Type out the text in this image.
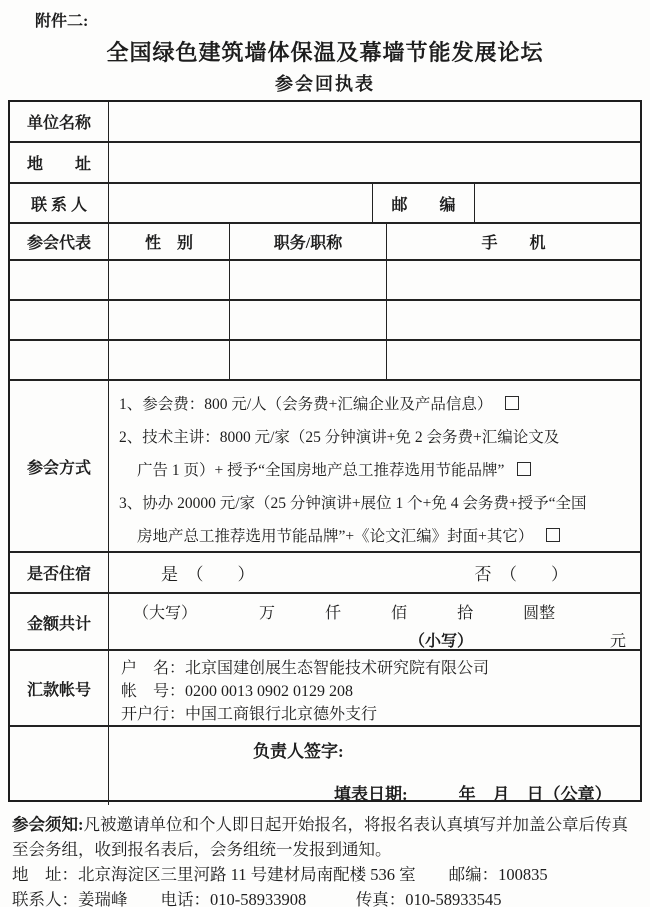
附件二:
全国绿色建筑墙体保温及幕墙节能发展论坛
参会回执表
单位名称
地　　址
联 系 人	邮　　编
参会代表	性　别	职务/职称	手　　机
参会方式
1、参会费：800 元/人（会务费+汇编企业及产品信息）
2、技术主讲：8000 元/家（25 分钟演讲+免 2 会务费+汇编论文及
广告 1 页）+ 授予“全国房地产总工推荐选用节能品牌”
3、协办 20000 元/家（25 分钟演讲+展位 1 个+免 4 会务费+授予“全国
房地产总工推荐选用节能品牌”+《论文汇编》封面+其它）
是否住宿	是　（　　）	否　（　　）
金额共计
（大写）	万	仟	佰	拾	圆整
（小写）	元
汇款帐号
户　名：北京国建创展生态智能技术研究院有限公司
帐　号：0200 0013 0902 0129 208
开户行：中国工商银行北京德外支行
负责人签字:
填表日期:　　　年　月　日（公章）

参会须知:凡被邀请单位和个人即日起开始报名，将报名表认真填写并加盖公章后传真至会务组，收到报名表后，会务组统一发报到通知。

地　址：北京海淀区三里河路 11 号建材局南配楼 536 室　　邮编：100835

联系人：姜瑞峰　　电话：010-58933908　　　传真：010-58933545
